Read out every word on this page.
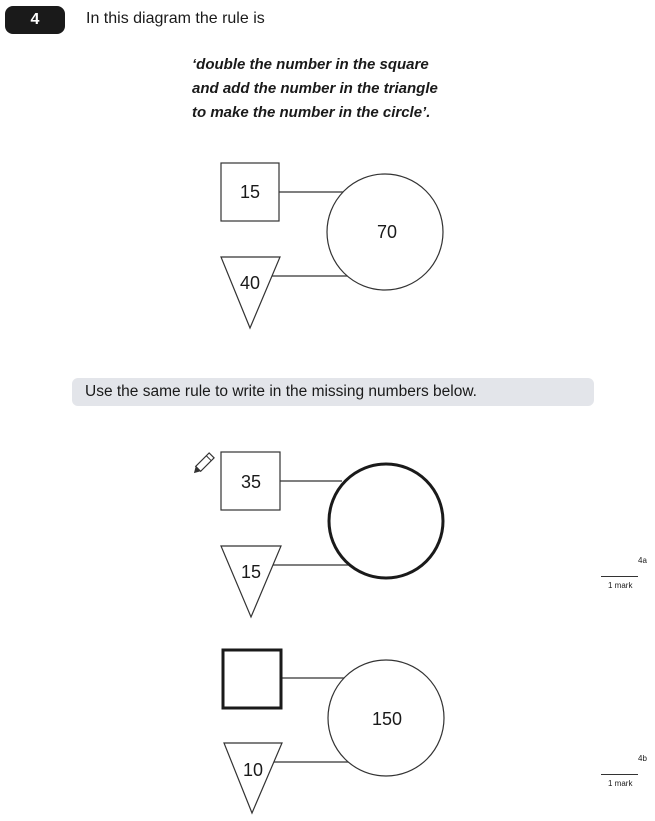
4	In this diagram the rule is
‘double the number in the square
and add the number in the triangle
to make the number in the circle’.
Use the same rule to write in the missing numbers below.
15
40
70
35
15
10
150
4a
1 mark
4b
1 mark
